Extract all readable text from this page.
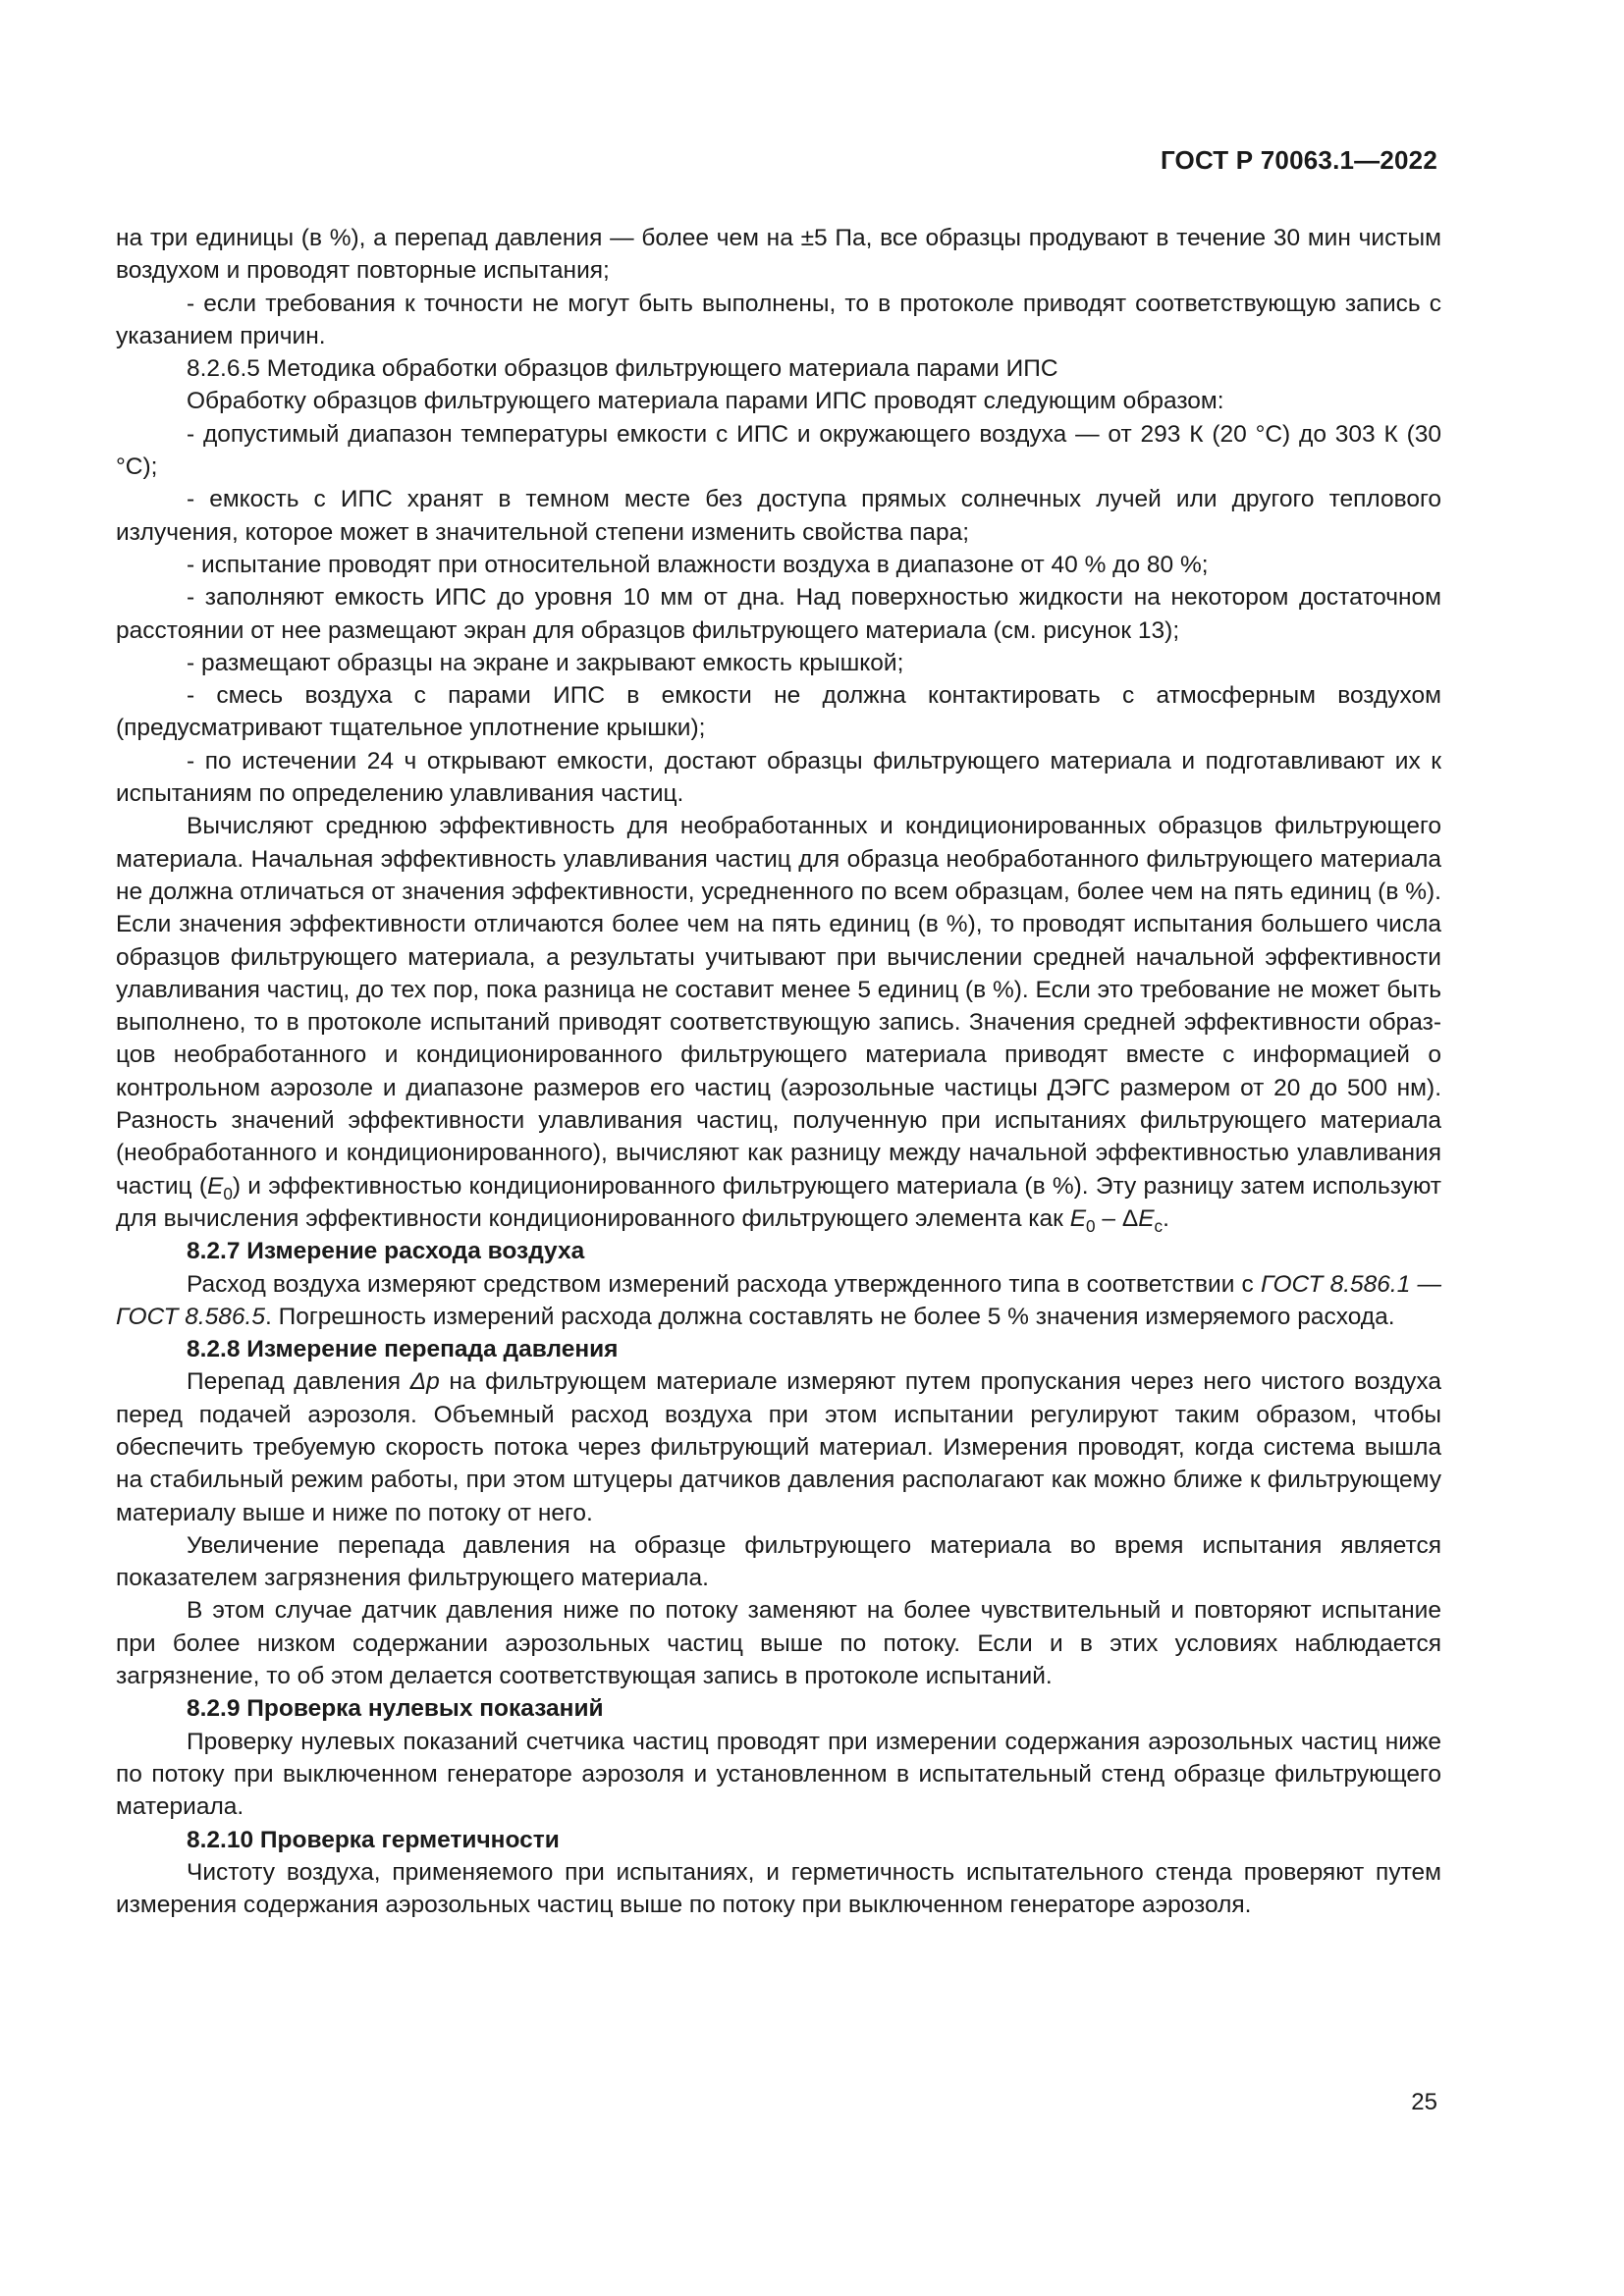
ГОСТ Р 70063.1—2022

на три единицы (в %), а перепад давления — более чем на ±5 Па, все образцы продувают в течение 30 мин чистым воздухом и проводят повторные испытания;

- если требования к точности не могут быть выполнены, то в протоколе приводят соответствующую запись с указанием причин.

8.2.6.5 Методика обработки образцов фильтрующего материала парами ИПС

Обработку образцов фильтрующего материала парами ИПС проводят следующим образом:

- допустимый диапазон температуры емкости с ИПС и окружающего воздуха — от 293 К (20 °С) до 303 К (30 °С);

- емкость с ИПС хранят в темном месте без доступа прямых солнечных лучей или другого теплового излучения, которое может в значительной степени изменить свойства пара;

- испытание проводят при относительной влажности воздуха в диапазоне от 40 % до 80 %;

- заполняют емкость ИПС до уровня 10 мм от дна. Над поверхностью жидкости на некотором достаточном расстоянии от нее размещают экран для образцов фильтрующего материала (см. рисунок 13);

- размещают образцы на экране и закрывают емкость крышкой;

- смесь воздуха с парами ИПС в емкости не должна контактировать с атмосферным воздухом (предусматривают тщательное уплотнение крышки);

- по истечении 24 ч открывают емкости, достают образцы фильтрующего материала и подготавливают их к испытаниям по определению улавливания частиц.

Вычисляют среднюю эффективность для необработанных и кондиционированных образцов фильтрующего материала. Начальная эффективность улавливания частиц для образца необработанного фильтрующего материала не должна отличаться от значения эффективности, усредненного по всем образцам, более чем на пять единиц (в %). Если значения эффективности отличаются более чем на пять единиц (в %), то проводят испытания большего числа образцов фильтрующего материала, а результаты учитывают при вычислении средней начальной эффективности улавливания частиц, до тех пор, пока разница не составит менее 5 единиц (в %). Если это требование не может быть выполнено, то в протоколе испытаний приводят соответствующую запись. Значения средней эффективности образцов необработанного и кондиционированного фильтрующего материала приводят вместе с информацией о контрольном аэрозоле и диапазоне размеров его частиц (аэрозольные частицы ДЭГС размером от 20 до 500 нм). Разность значений эффективности улавливания частиц, полученную при испытаниях фильтрующего материала (необработанного и кондиционированного), вычисляют как разницу между начальной эффективностью улавливания частиц $(E_0)$ и эффективностью кондиционированного фильтрующего материала (в %). Эту разницу затем используют для вычисления эффективности кондиционированного фильтрующего элемента как $E_0 - \Delta E_c$.

8.2.7 Измерение расхода воздуха

Расход воздуха измеряют средством измерений расхода утвержденного типа в соответствии с ГОСТ 8.586.1 — ГОСТ 8.586.5. Погрешность измерений расхода должна составлять не более 5 % значения измеряемого расхода.

8.2.8 Измерение перепада давления

Перепад давления Δp на фильтрующем материале измеряют путем пропускания через него чистого воздуха перед подачей аэрозоля. Объемный расход воздуха при этом испытании регулируют таким образом, чтобы обеспечить требуемую скорость потока через фильтрующий материал. Измерения проводят, когда система вышла на стабильный режим работы, при этом штуцеры датчиков давления располагают как можно ближе к фильтрующему материалу выше и ниже по потоку от него.

Увеличение перепада давления на образце фильтрующего материала во время испытания является показателем загрязнения фильтрующего материала.

В этом случае датчик давления ниже по потоку заменяют на более чувствительный и повторяют испытание при более низком содержании аэрозольных частиц выше по потоку. Если и в этих условиях наблюдается загрязнение, то об этом делается соответствующая запись в протоколе испытаний.

8.2.9 Проверка нулевых показаний

Проверку нулевых показаний счетчика частиц проводят при измерении содержания аэрозольных частиц ниже по потоку при выключенном генераторе аэрозоля и установленном в испытательный стенд образце фильтрующего материала.

8.2.10 Проверка герметичности

Чистоту воздуха, применяемого при испытаниях, и герметичность испытательного стенда проверяют путем измерения содержания аэрозольных частиц выше по потоку при выключенном генераторе аэрозоля.

25
